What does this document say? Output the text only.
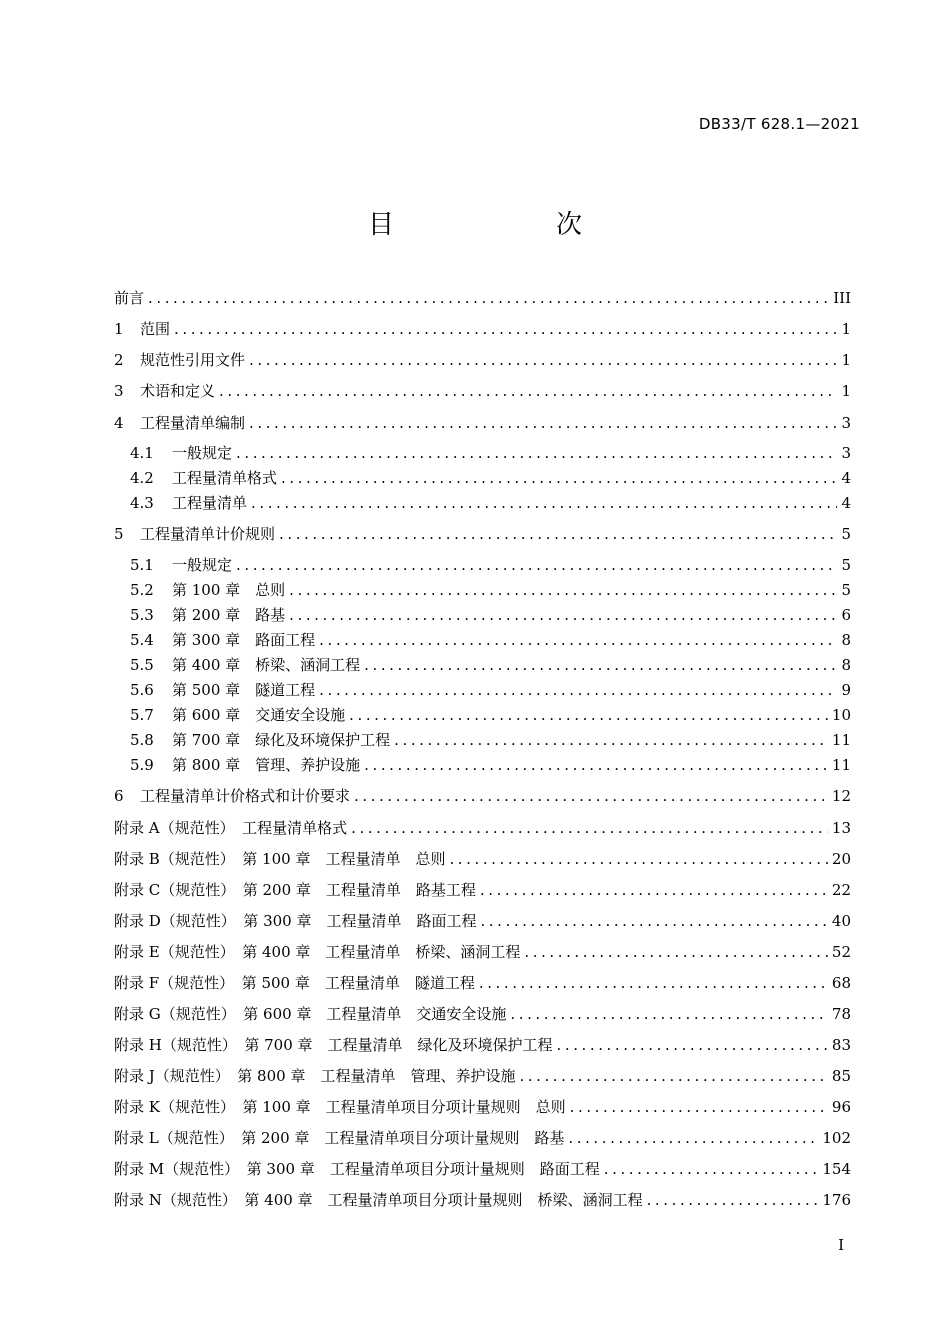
DB33/T 628.1—2021
目　次
前言 . . .	III
1	范围 . . .	1
2	规范性引用文件 . . .	1
3	术语和定义 . . .	1
4	工程量清单编制 . . .	3
4.1	一般规定 . . .	3
4.2	工程量清单格式 . . .	4
4.3	工程量清单 . . .	4
5	工程量清单计价规则 . . .	5
5.1	一般规定 . . .	5
5.2	第 100 章　总则 . . .	5
5.3	第 200 章　路基 . . .	6
5.4	第 300 章　路面工程 . . .	8
5.5	第 400 章　桥梁、涵洞工程 . . .	8
5.6	第 500 章　隧道工程 . . .	9
5.7	第 600 章　交通安全设施 . . .	10
5.8	第 700 章　绿化及环境保护工程 . . .	11
5.9	第 800 章　管理、养护设施 . . .	11
6	工程量清单计价格式和计价要求 . . .	12
附录 A（规范性）　工程量清单格式 . . .	13
附录 B（规范性）　第 100 章　工程量清单　总则 . . .	20
附录 C（规范性）　第 200 章　工程量清单　路基工程 . . .	22
附录 D（规范性）　第 300 章　工程量清单　路面工程 . . .	40
附录 E（规范性）　第 400 章　工程量清单　桥梁、涵洞工程 . . .	52
附录 F（规范性）　第 500 章　工程量清单　隧道工程 . . .	68
附录 G（规范性）　第 600 章　工程量清单　交通安全设施 . . .	78
附录 H（规范性）　第 700 章　工程量清单　绿化及环境保护工程 . . .	83
附录 J（规范性）　第 800 章　工程量清单　管理、养护设施 . . .	85
附录 K（规范性）　第 100 章　工程量清单项目分项计量规则　总则 . . .	96
附录 L（规范性）　第 200 章　工程量清单项目分项计量规则　路基 . . .	102
附录 M（规范性）　第 300 章　工程量清单项目分项计量规则　路面工程 . . .	154
附录 N（规范性）　第 400 章　工程量清单项目分项计量规则　桥梁、涵洞工程 . . .	176
I
